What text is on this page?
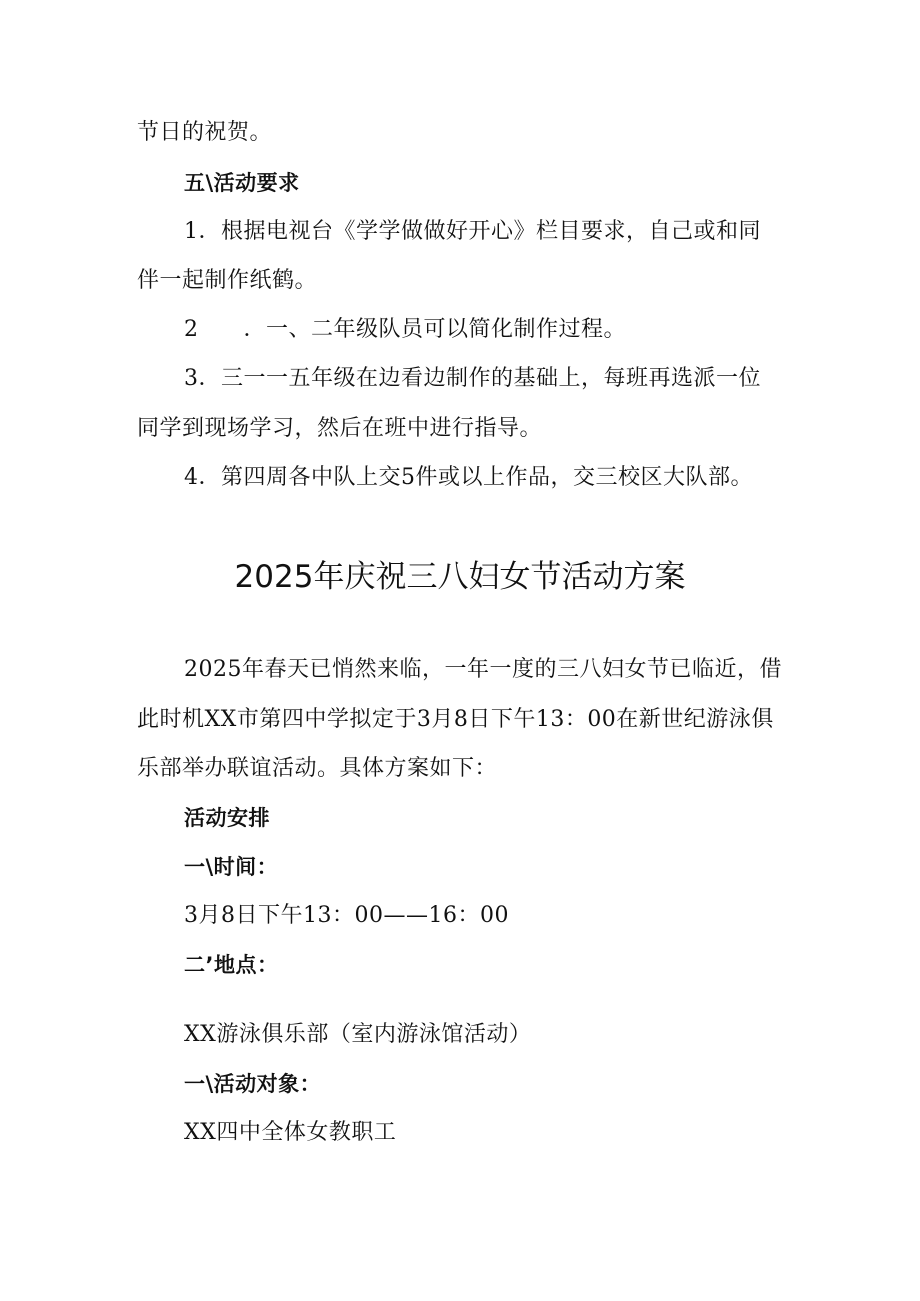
节日的祝贺。
五\活动要求
1．根据电视台《学学做做好开心》栏目要求，自己或和同
伴一起制作纸鹤。
2　　．一、二年级队员可以简化制作过程。
3．三一一五年级在边看边制作的基础上，每班再选派一位
同学到现场学习，然后在班中进行指导。
4．第四周各中队上交5件或以上作品，交三校区大队部。
2025年庆祝三八妇女节活动方案
2025年春天已悄然来临，一年一度的三八妇女节已临近，借
此时机XX市第四中学拟定于3月8日下午13：00在新世纪游泳俱
乐部举办联谊活动。具体方案如下：
活动安排
一\时间：
3月8日下午13：00——16：00
二’地点：
XX游泳俱乐部（室内游泳馆活动）
一\活动对象：
XX四中全体女教职工
